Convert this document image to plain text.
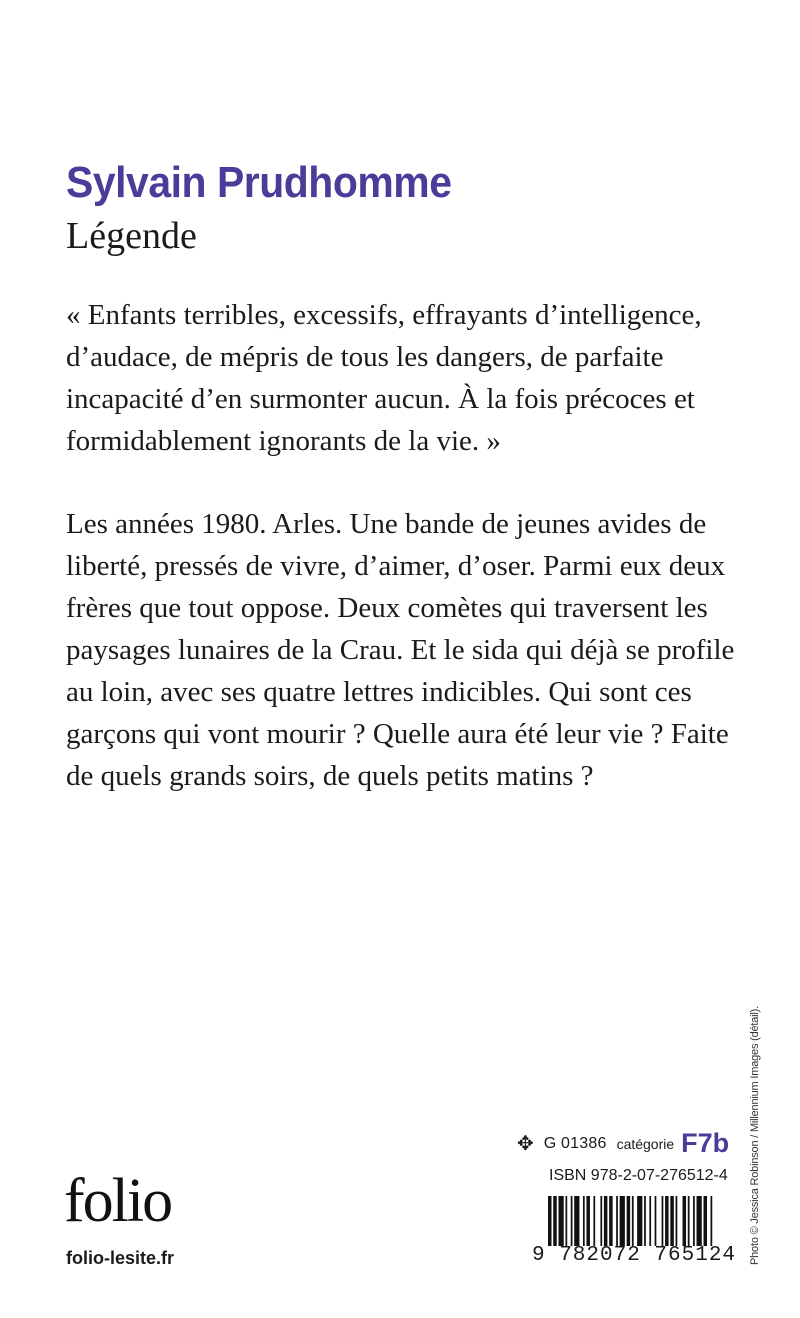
Sylvain Prudhomme
Légende
« Enfants terribles, excessifs, effrayants d’intelligence,
d’audace, de mépris de tous les dangers, de parfaite
incapacité d’en surmonter aucun. À la fois précoces et
formidablement ignorants de la vie. »
Les années 1980. Arles. Une bande de jeunes avides de
liberté, pressés de vivre, d’aimer, d’oser. Parmi eux deux
frères que tout oppose. Deux comètes qui traversent les
paysages lunaires de la Crau. Et le sida qui déjà se profile
au loin, avec ses quatre lettres indicibles. Qui sont ces
garçons qui vont mourir ? Quelle aura été leur vie ? Faite
de quels grands soirs, de quels petits matins ?
Photo © Jessica Robinson / Millennium Images (détail).
✥ G 01386 catégorie F7b
ISBN 978-2-07-276512-4
9 782072 765124
folio
folio-lesite.fr
